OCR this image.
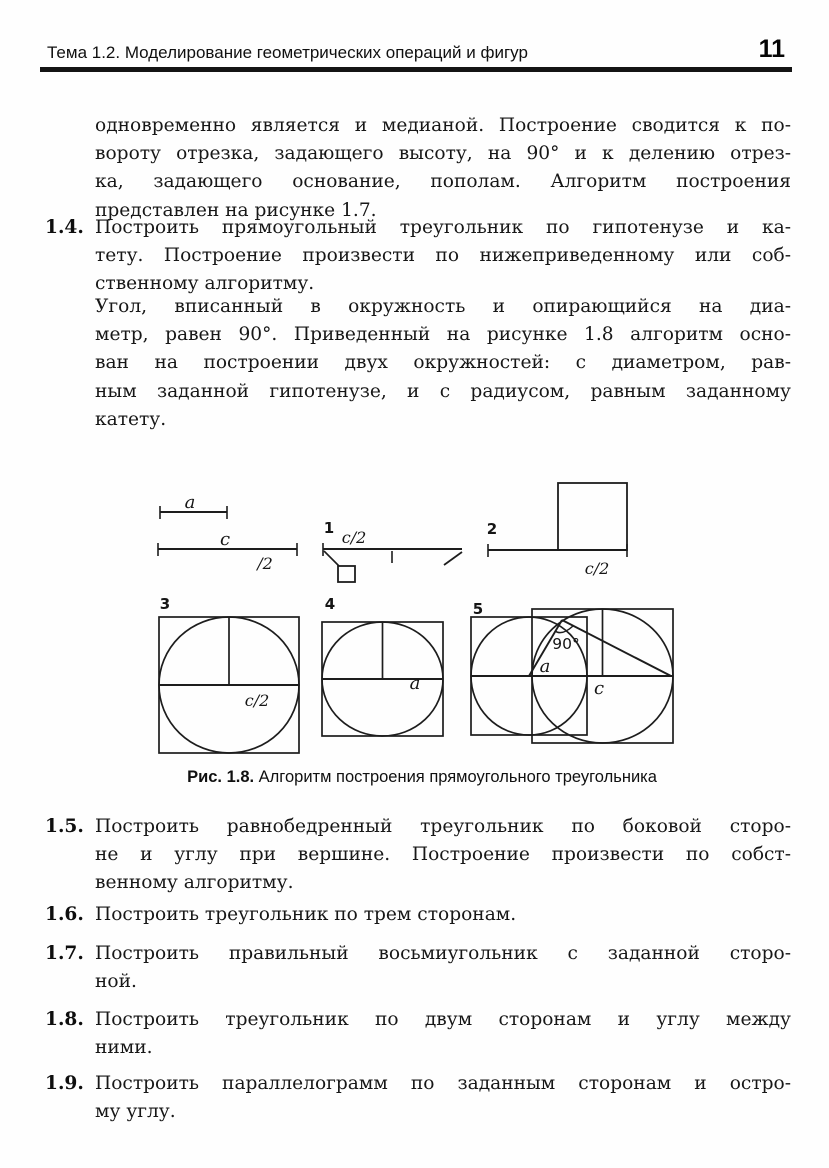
Тема 1.2. Моделирование геометрических операций и фигур	11
одновременно является и медианой. Построение сводится к по-
вороту отрезка, задающего высоту, на 90° и к делению отрез-
ка, задающего основание, пополам. Алгоритм построения
представлен на рисунке 1.7.
1.4. Построить прямоугольный треугольник по гипотенузе и ка-
тету. Построение произвести по нижеприведенному или соб-
ственному алгоритму.
Угол, вписанный в окружность и опирающийся на диа-
метр, равен 90°. Приведенный на рисунке 1.8 алгоритм осно-
ван на построении двух окружностей: с диаметром, рав-
ным заданной гипотенузе, и с радиусом, равным заданному
катету.
a
c
/2
1 c/2	2
c/2
3
c/2
4
a
5
90°
a
c
Рис. 1.8. Алгоритм построения прямоугольного треугольника
1.5. Построить равнобедренный треугольник по боковой сторо-
не и углу при вершине. Построение произвести по собст-
венному алгоритму.
1.6. Построить треугольник по трем сторонам.
1.7. Построить правильный восьмиугольник с заданной сторо-
ной.
1.8. Построить треугольник по двум сторонам и углу между
ними.
1.9. Построить параллелограмм по заданным сторонам и остро-
му углу.
